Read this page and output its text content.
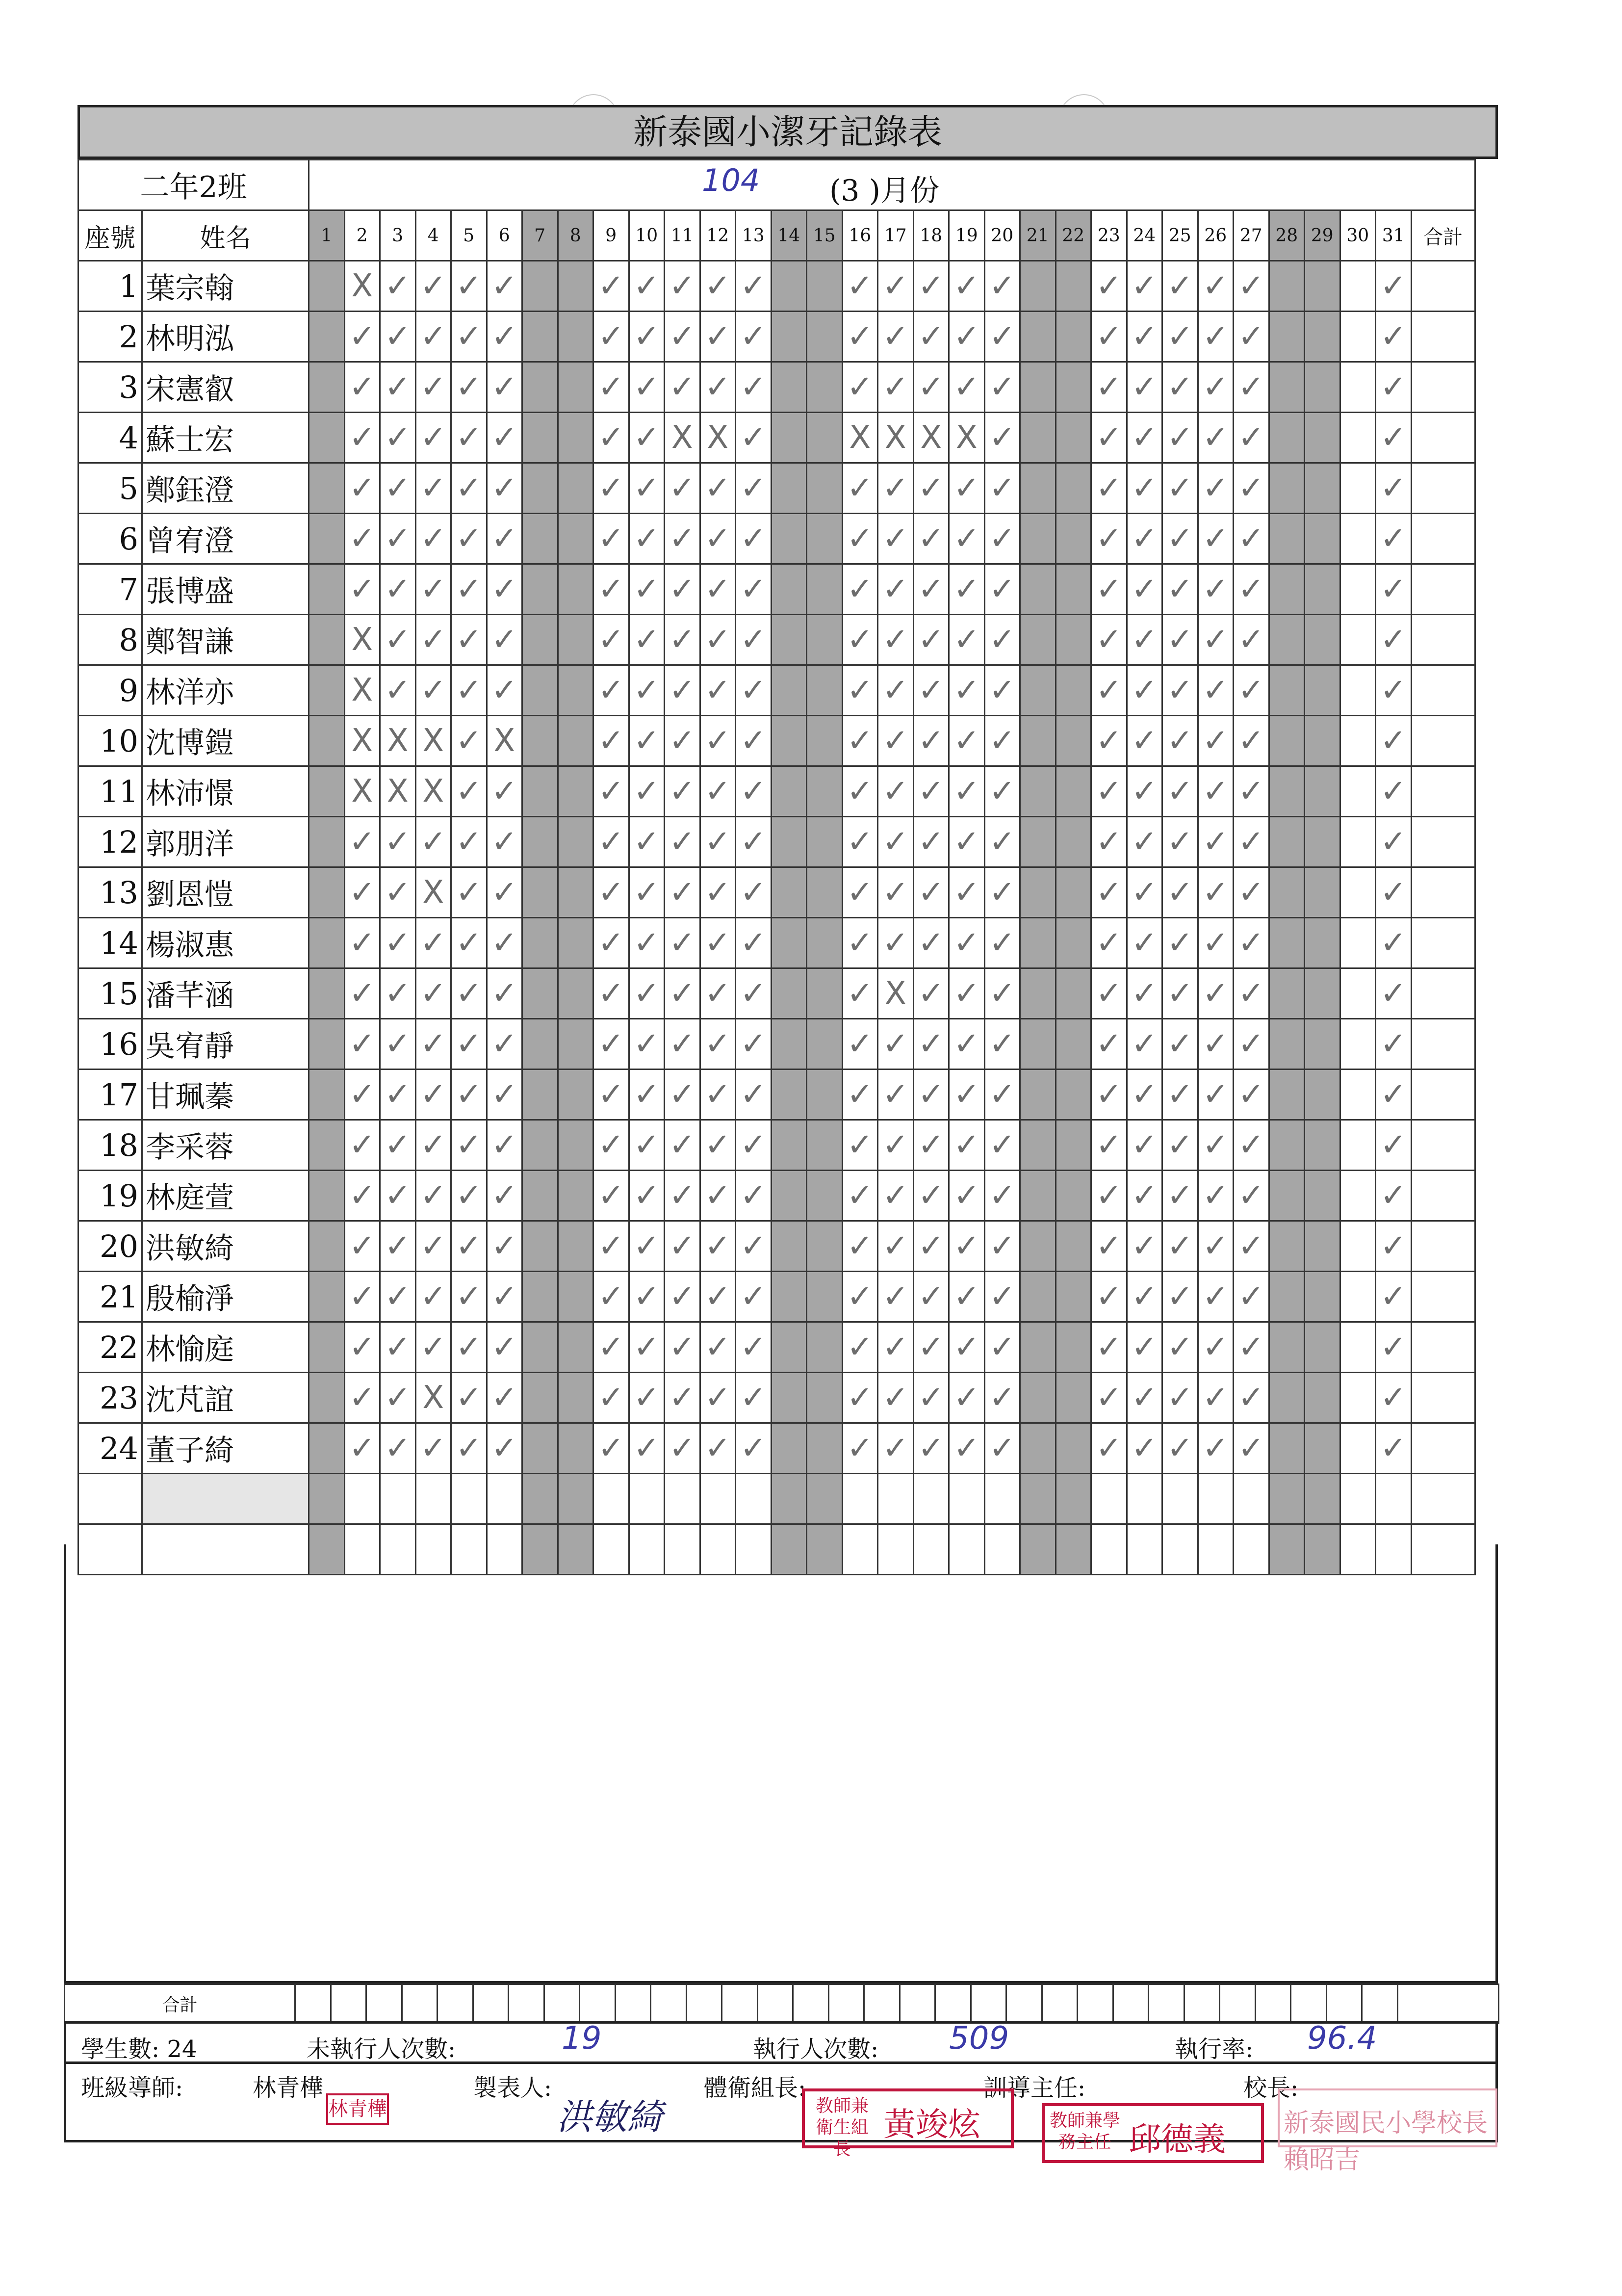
新泰國小潔牙記錄表
二年2班		104 (3 )月份																															

座號	姓名	1	2	3	4	5	6	7	8	9	10	11	12	13	14	15	16	17	18	19	20	21	22	23	24	25	26	27	28	29	30	31	合計
1	葉宗翰		X	✓	✓	✓	✓			✓	✓	✓	✓	✓			✓	✓	✓	✓	✓			✓	✓	✓	✓	✓				✓	
2	林明泓		✓	✓	✓	✓	✓			✓	✓	✓	✓	✓			✓	✓	✓	✓	✓			✓	✓	✓	✓	✓				✓	
3	宋憲叡		✓	✓	✓	✓	✓			✓	✓	✓	✓	✓			✓	✓	✓	✓	✓			✓	✓	✓	✓	✓				✓	
4	蘇士宏		✓	✓	✓	✓	✓			✓	✓	X	X	✓			X	X	X	X	✓			✓	✓	✓	✓	✓				✓	
5	鄭鈺澄		✓	✓	✓	✓	✓			✓	✓	✓	✓	✓			✓	✓	✓	✓	✓			✓	✓	✓	✓	✓				✓	
6	曾宥澄		✓	✓	✓	✓	✓			✓	✓	✓	✓	✓			✓	✓	✓	✓	✓			✓	✓	✓	✓	✓				✓	
7	張博盛		✓	✓	✓	✓	✓			✓	✓	✓	✓	✓			✓	✓	✓	✓	✓			✓	✓	✓	✓	✓				✓	
8	鄭智謙		X	✓	✓	✓	✓			✓	✓	✓	✓	✓			✓	✓	✓	✓	✓			✓	✓	✓	✓	✓				✓	
9	林洋亦		X	✓	✓	✓	✓			✓	✓	✓	✓	✓			✓	✓	✓	✓	✓			✓	✓	✓	✓	✓				✓	
10	沈博鎧		X	X	X	✓	X			✓	✓	✓	✓	✓			✓	✓	✓	✓	✓			✓	✓	✓	✓	✓				✓	
11	林沛憬		X	X	X	✓	✓			✓	✓	✓	✓	✓			✓	✓	✓	✓	✓			✓	✓	✓	✓	✓				✓	
12	郭朋洋		✓	✓	✓	✓	✓			✓	✓	✓	✓	✓			✓	✓	✓	✓	✓			✓	✓	✓	✓	✓				✓	
13	劉恩愷		✓	✓	X	✓	✓			✓	✓	✓	✓	✓			✓	✓	✓	✓	✓			✓	✓	✓	✓	✓				✓	
14	楊淑惠		✓	✓	✓	✓	✓			✓	✓	✓	✓	✓			✓	✓	✓	✓	✓			✓	✓	✓	✓	✓				✓	
15	潘芊涵		✓	✓	✓	✓	✓			✓	✓	✓	✓	✓			✓	X	✓	✓	✓			✓	✓	✓	✓	✓				✓	
16	吳宥靜		✓	✓	✓	✓	✓			✓	✓	✓	✓	✓			✓	✓	✓	✓	✓			✓	✓	✓	✓	✓				✓	
17	甘珮蓁		✓	✓	✓	✓	✓			✓	✓	✓	✓	✓			✓	✓	✓	✓	✓			✓	✓	✓	✓	✓				✓	
18	李采蓉		✓	✓	✓	✓	✓			✓	✓	✓	✓	✓			✓	✓	✓	✓	✓			✓	✓	✓	✓	✓				✓	
19	林庭萱		✓	✓	✓	✓	✓			✓	✓	✓	✓	✓			✓	✓	✓	✓	✓			✓	✓	✓	✓	✓				✓	
20	洪敏綺		✓	✓	✓	✓	✓			✓	✓	✓	✓	✓			✓	✓	✓	✓	✓			✓	✓	✓	✓	✓				✓	
21	殷榆淨		✓	✓	✓	✓	✓			✓	✓	✓	✓	✓			✓	✓	✓	✓	✓			✓	✓	✓	✓	✓				✓	
22	林愉庭		✓	✓	✓	✓	✓			✓	✓	✓	✓	✓			✓	✓	✓	✓	✓			✓	✓	✓	✓	✓				✓	
23	沈芃誼		✓	✓	X	✓	✓			✓	✓	✓	✓	✓			✓	✓	✓	✓	✓			✓	✓	✓	✓	✓				✓	
24	董子綺		✓	✓	✓	✓	✓			✓	✓	✓	✓	✓			✓	✓	✓	✓	✓			✓	✓	✓	✓	✓				✓	

合計																																
學生數: 24	未執行人次數:	19	執行人次數: 509	執行率: 96.4
班級導師:	林青樺	製表人:
洪敏綺
體衛組長:	訓導主任:	校長:
林青樺	教師兼衛生組長
黃竣炫	教師兼學務主任 邱德義 新泰國民小學校長賴昭吉
